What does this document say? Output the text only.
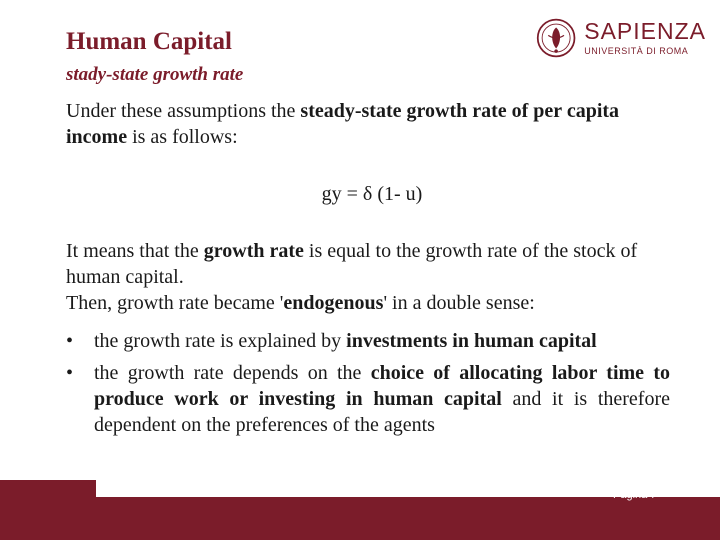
Human Capital
stady-state growth rate
SAPIENZA
UNIVERSITÀ DI ROMA
Under these assumptions the steady-state growth rate of per capita income is as follows:
gy = δ (1- u)
It means that the growth rate is equal to the growth rate of the stock of human capital.
Then, growth rate became 'endogenous' in a double sense:
•	the growth rate is explained by investments in human capital
•	the growth rate depends on the choice of allocating labor time to produce work or investing in human capital and it is therefore dependent on the preferences of the agents
Pagina 7
